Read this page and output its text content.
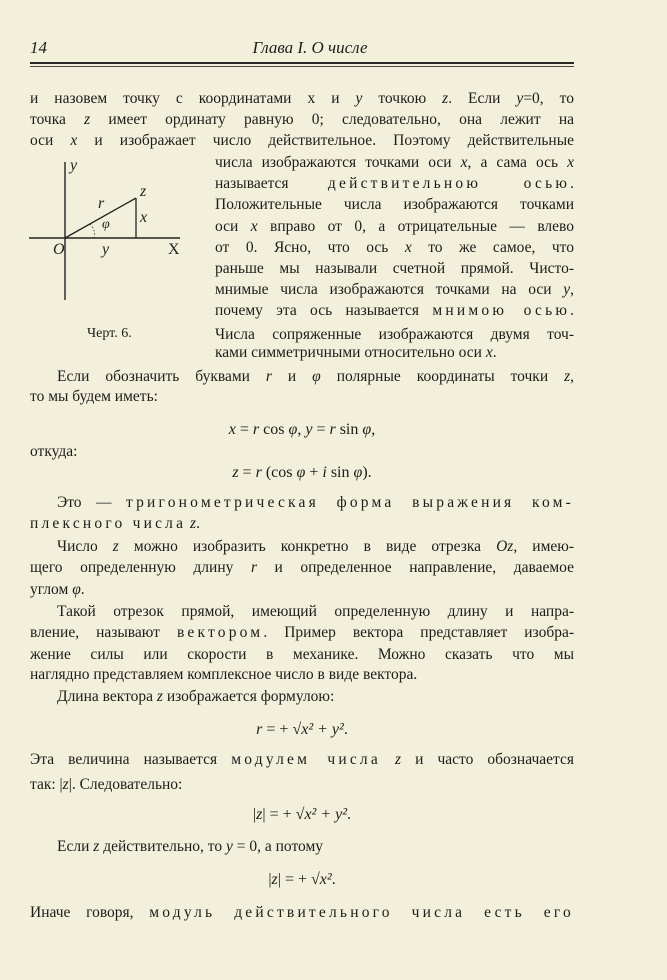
14	Глава I. О числе
y
z
r
x
φ
O y	X
Черт. 6.
и назовем точку с координатами x и y точкою z. Если y=0, то
точка z имеет ординату равную 0; следовательно, она лежит на
оси x и изображает число действительное. Поэтому действительные
числа изображаются точками оси x, а сама ось x
называется действительною осью.
Положительные числа изображаются точками
оси x вправо от 0, а отрицательные — влево
от 0. Ясно, что ось x то же самое, что
раньше мы называли счетной прямой. Чисто-
мнимые числа изображаются точками на оси y,
почему эта ось называется мнимою осью.
Числа сопряженные изображаются двумя точ-
ками симметричными относительно оси x.
Если обозначить буквами r и φ полярные координаты точки z,
то мы будем иметь:
x = r cos φ, y = r sin φ,
откуда:
z = r (cos φ + i sin φ).
Это — тригонометрическая форма выражения ком-
плексного числа z.
Число z можно изобразить конкретно в виде отрезка Oz, имею-
щего определенную длину r и определенное направление, даваемое
углом φ.
Такой отрезок прямой, имеющий определенную длину и напра-
вление, называют вектором. Пример вектора представляет изобра-
жение силы или скорости в механике. Можно сказать что мы
наглядно представляем комплексное число в виде вектора.
Длина вектора z изображается формулою:
r = + √x² + y².
Эта величина называется модулем числа z и часто обозначается
так: |z|. Следовательно:
|z| = + √x² + y².
Если z действительно, то y = 0, а потому
|z| = + √x².
Иначе говоря, модуль действительного числа есть его
